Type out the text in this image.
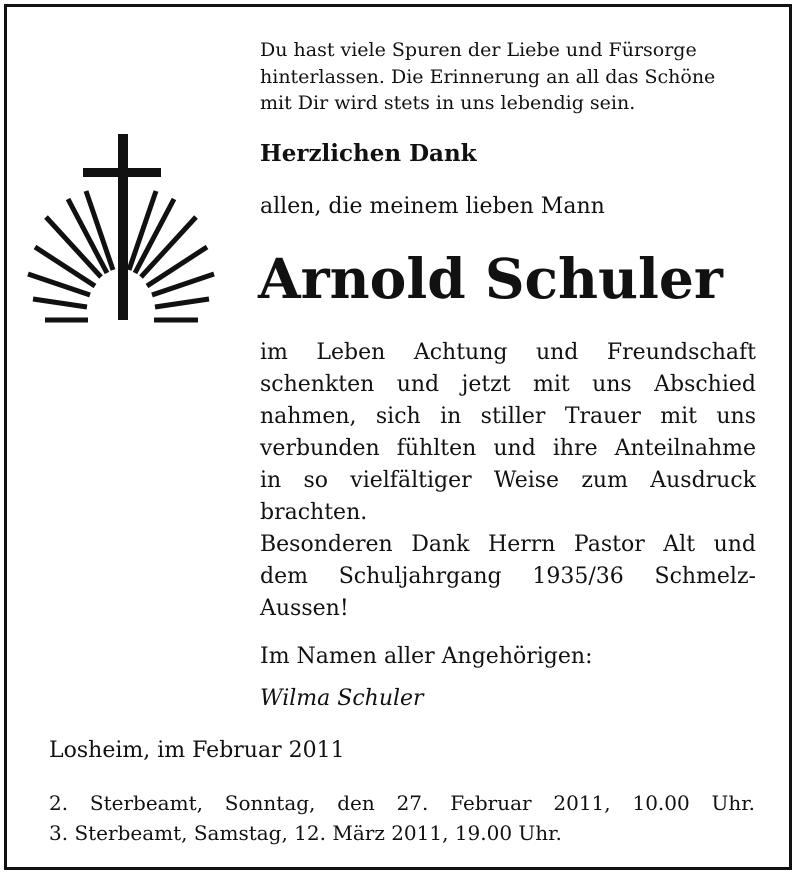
Du hast viele Spuren der Liebe und Fürsorge
hinterlassen. Die Erinnerung an all das Schöne
mit Dir wird stets in uns lebendig sein.
Herzlichen Dank
allen, die meinem lieben Mann
Arnold Schuler
im Leben Achtung und Freundschaft
schenkten und jetzt mit uns Abschied
nahmen, sich in stiller Trauer mit uns
verbunden fühlten und ihre Anteilnahme
in so vielfältiger Weise zum Ausdruck
brachten.
Besonderen Dank Herrn Pastor Alt und
dem Schuljahrgang 1935/36 Schmelz-
Aussen!
Im Namen aller Angehörigen:
Wilma Schuler
Losheim, im Februar 2011
2. Sterbeamt, Sonntag, den 27. Februar 2011, 10.00 Uhr.
3. Sterbeamt, Samstag, 12. März 2011, 19.00 Uhr.
